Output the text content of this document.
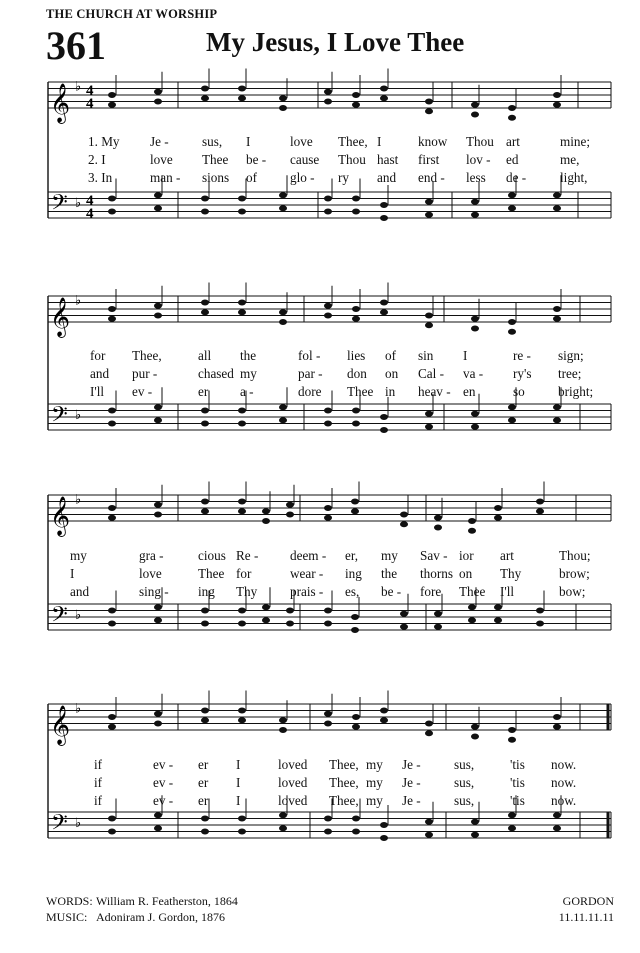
THE CHURCH AT WORSHIP
361	My Jesus, I Love Thee
𝄞 ♭ 4
4
𝄢 ♭ 4
4
𝄞 ♭
𝄢 ♭
𝄞 ♭
𝄢 ♭
𝄞 ♭
𝄢 ♭
1. My Je -	sus, I	love Thee, I	know Thou art	mine;
2. I	love Thee be - cause Thou hast first lov - ed	me,
3. In	man - sions of	glo - ry and end - less de -	light,
for Thee,	all the	fol - lies of sin I	re - sign;
and pur -	chased my	par - don on Cal - va - ry's tree;
I'll ev -	er a -	dore Thee in heav - en	so	bright;
my	gra -	cious Re - deem - er, my Sav - ior art	Thou;
I	love	Thee for	wear - ing the thorns on Thy	brow;
and	sing - ing Thy prais - es, be - fore Thee I'll	bow;
if	ev - er I	loved Thee, my Je -	sus,	'tis now.
if	ev - er I	loved Thee, my Je -	sus,	'tis now.
if	ev - er I	loved Thee, my Je -	sus,	'tis now.
WORDS: William R. Featherston, 1864
MUSIC: Adoniram J. Gordon, 1876
GORDON
11.11.11.11
